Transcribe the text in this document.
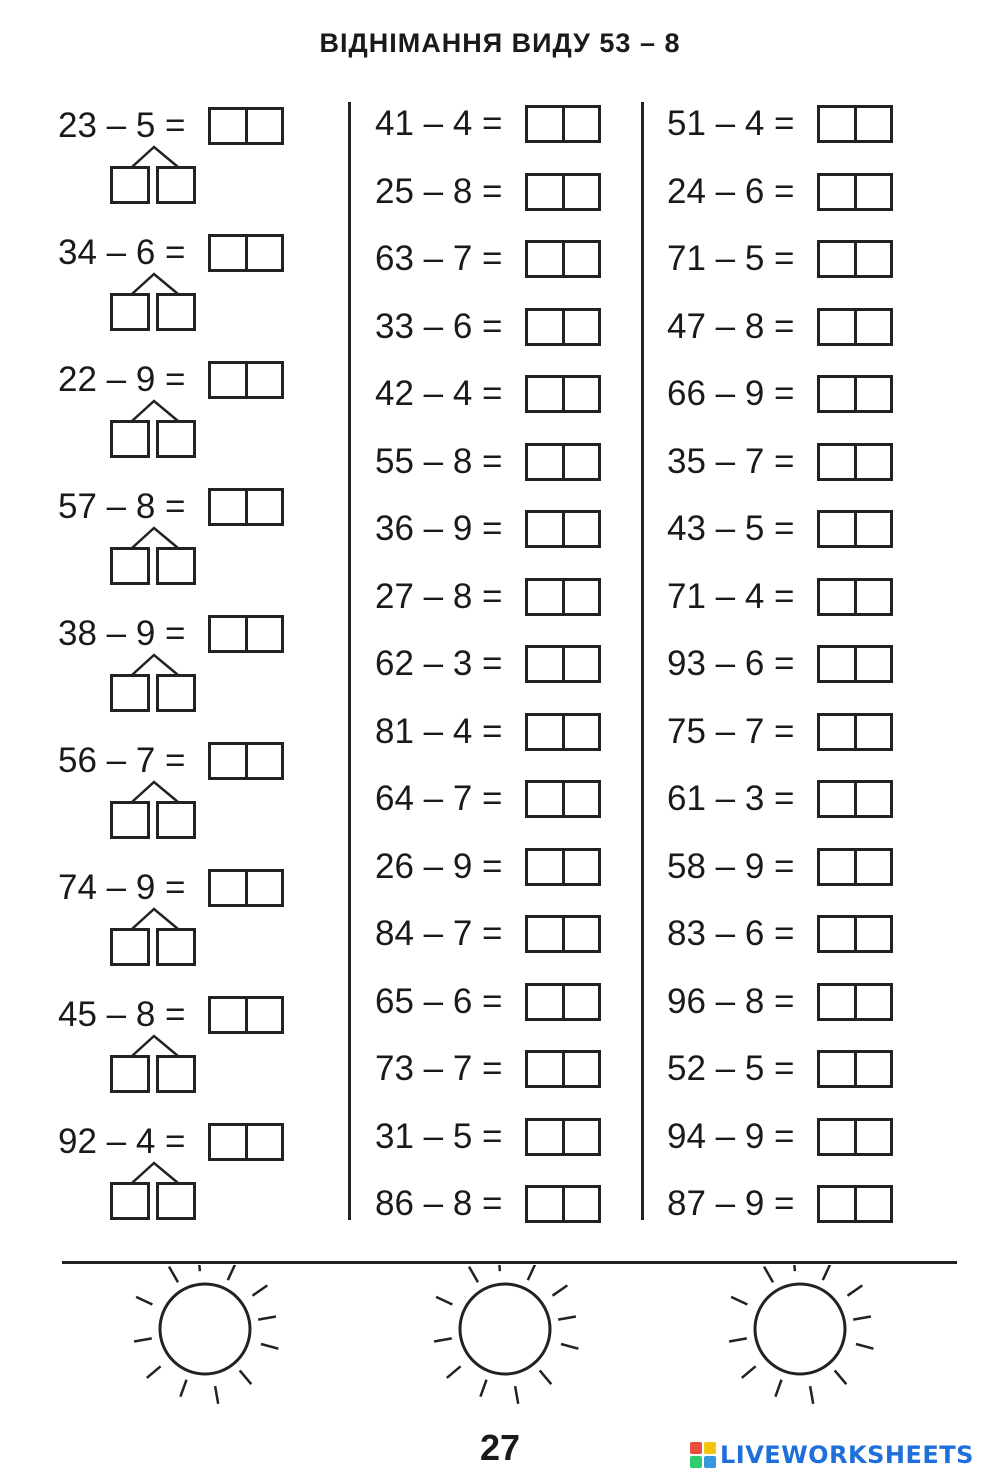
ВІДНІМАННЯ ВИДУ 53 – 8
23 – 5 =
34 – 6 =
22 – 9 =
57 – 8 =
38 – 9 =
56 – 7 =
74 – 9 =
45 – 8 =
92 – 4 =
41 – 4 =
25 – 8 =
63 – 7 =
33 – 6 =
42 – 4 =
55 – 8 =
36 – 9 =
27 – 8 =
62 – 3 =
81 – 4 =
64 – 7 =
26 – 9 =
84 – 7 =
65 – 6 =
73 – 7 =
31 – 5 =
86 – 8 =
51 – 4 =
24 – 6 =
71 – 5 =
47 – 8 =
66 – 9 =
35 – 7 =
43 – 5 =
71 – 4 =
93 – 6 =
75 – 7 =
61 – 3 =
58 – 9 =
83 – 6 =
96 – 8 =
52 – 5 =
94 – 9 =
87 – 9 =
27	LIVEWORKSHEETS
